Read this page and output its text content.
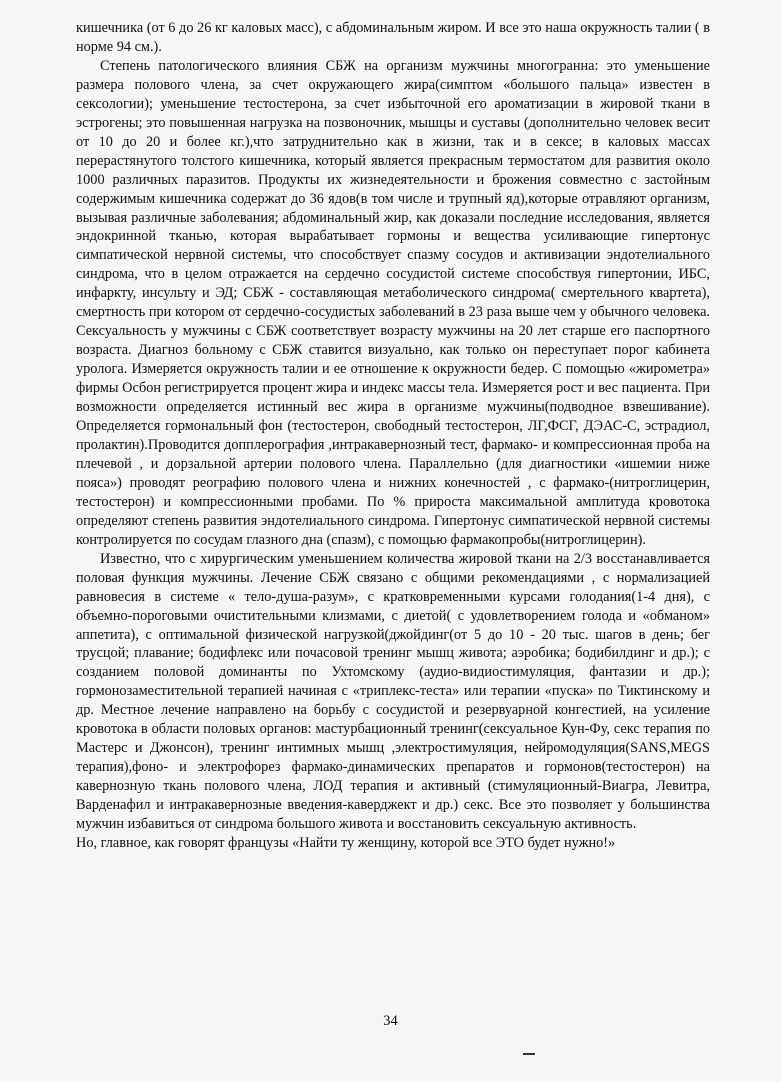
кишечника (от 6 до 26 кг каловых масс), с абдоминальным жиром. И все это наша окружность талии ( в норме 94 см.).

Степень патологического влияния СБЖ на организм мужчины многогранна: это уменьшение размера полового члена, за счет окружающего жира(симптом «большого пальца» известен в сексологии); уменьшение тестостерона, за счет избыточной его ароматизации в жировой ткани в эстрогены; это повышенная нагрузка на позвоночник, мышцы и суставы (дополнительно человек весит от 10 до 20 и более кг.),что затруднительно как в жизни, так и в сексе; в каловых массах перерастянутого толстого кишечника, который является прекрасным термостатом для развития около 1000 различных паразитов. Продукты их жизнедеятельности и брожения совместно с застойным содержимым кишечника содержат до 36 ядов(в том числе и трупный яд),которые отравляют организм, вызывая различные заболевания; абдоминальный жир, как доказали последние исследования, является эндокринной тканью, которая вырабатывает гормоны и вещества усиливающие гипертонус симпатической нервной системы, что способствует спазму сосудов и активизации эндотелиального синдрома, что в целом отражается на сердечно сосудистой системе способствуя гипертонии, ИБС, инфаркту, инсульту и ЭД; СБЖ - составляющая метаболического синдрома( смертельного квартета), смертность при котором от сердечно-сосудистых заболеваний в 23 раза выше чем у обычного человека. Сексуальность у мужчины с СБЖ соответствует возрасту мужчины на 20 лет старше его паспортного возраста. Диагноз больному с СБЖ ставится визуально, как только он переступает порог кабинета уролога. Измеряется окружность талии и ее отношение к окружности бедер. С помощью «жирометра» фирмы Осбон регистрируется процент жира и индекс массы тела. Измеряется рост и вес пациента. При возможности определяется истинный вес жира в организме мужчины(подводное взвешивание). Определяется гормональный фон (тестостерон, свободный тестостерон, ЛГ,ФСГ, ДЭАС-С, эстрадиол, пролактин).Проводится допплерография ,интракавернозный тест, фармако- и компрессионная проба на плечевой , и дорзальной артерии полового члена. Параллельно (для диагностики «ишемии ниже пояса») проводят реографию полового члена и нижних конечностей , с фармако-(нитроглицерин, тестостерон) и компрессионными пробами. По % прироста максимальной амплитуда кровотока определяют степень развития эндотелиального синдрома. Гипертонус симпатической нервной системы контролируется по сосудам глазного дна (спазм), с помощью фармакопробы(нитроглицерин).

Известно, что с хирургическим уменьшением количества жировой ткани на 2/3 восстанавливается половая функция мужчины. Лечение СБЖ связано с общими рекомендациями , с нормализацией равновесия в системе « тело-душа-разум», с кратковременными курсами голодания(1-4 дня), с объемно-пороговыми очистительными клизмами, с диетой( с удовлетворением голода и «обманом» аппетита), с оптимальной физической нагрузкой(джойдинг(от 5 до 10 - 20 тыс. шагов в день; бег трусцой; плавание; бодифлекс или почасовой тренинг мышц живота; аэробика; бодибилдинг и др.); с созданием половой доминанты по Ухтомскому (аудио-видиостимуляция, фантазии и др.); гормонозаместительной терапией начиная с «триплекс-теста» или терапии «пуска» по Тиктинскому и др. Местное лечение направлено на борьбу с сосудистой и резервуарной конгестией, на усиление кровотока в области половых органов: мастурбационный тренинг(сексуальное Кун-Фу, секс терапия по Мастерс и Джонсон), тренинг интимных мышц ,электростимуляция, нейромодуляция(SANS,MEGS терапия),фоно- и электрофорез фармако-динамических препаратов и гормонов(тестостерон) на кавернозную ткань полового члена, ЛОД терапия и активный (стимуляционный-Виагра, Левитра, Варденафил и интракавернозные введения-каверджект и др.) секс. Все это позволяет у большинства мужчин избавиться от синдрома большого живота и восстановить сексуальную активность.

Но, главное, как говорят французы «Найти ту женщину, которой все ЭТО будет нужно!»

34
